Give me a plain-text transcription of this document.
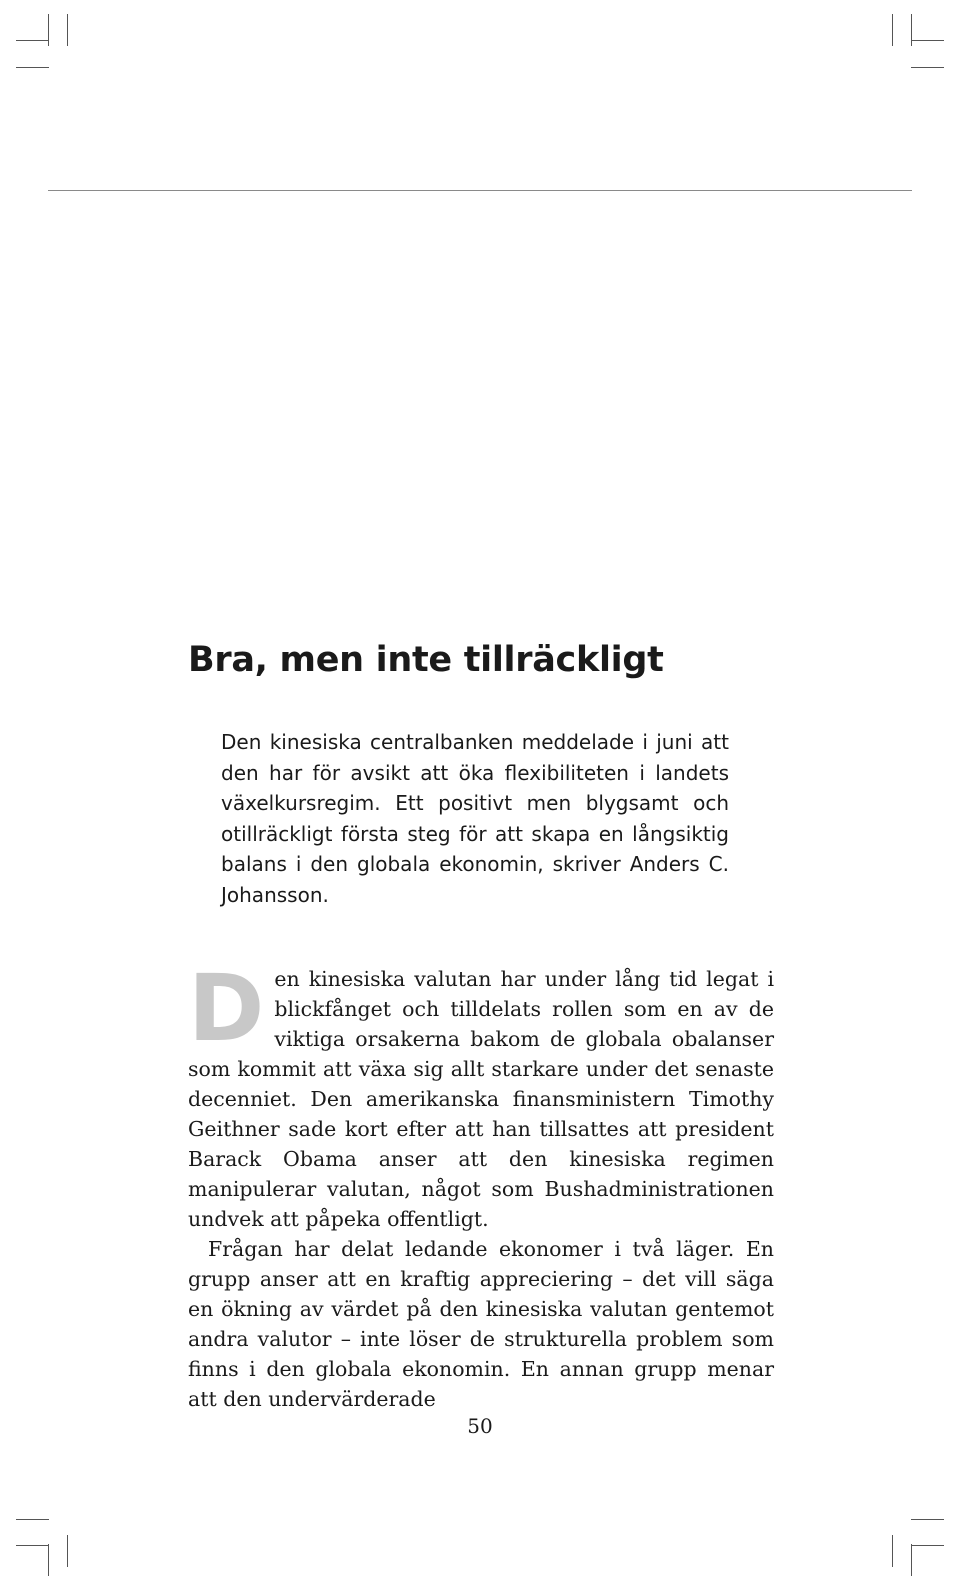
Bra, men inte tillräckligt

Den kinesiska centralbanken meddelade i juni att den har för avsikt att öka flexibiliteten i landets växelkursregim. Ett positivt men blygsamt och otillräckligt första steg för att skapa en långsiktig balans i den globala ekonomin, skriver Anders C. Johansson.

Den kinesiska valutan har under lång tid legat i blickfånget och tilldelats rollen som en av de viktiga orsakerna bakom de globala obalanser som kommit att växa sig allt starkare under det senaste decenniet. Den amerikanska finansministern Timothy Geithner sade kort efter att han tillsattes att president Barack Obama anser att den kinesiska regimen manipulerar valutan, något som Bushadministrationen undvek att påpeka offentligt.

Frågan har delat ledande ekonomer i två läger. En grupp anser att en kraftig appreciering – det vill säga en ökning av värdet på den kinesiska valutan gentemot andra valutor – inte löser de strukturella problem som finns i den globala ekonomin. En annan grupp menar att den undervärderade

50
